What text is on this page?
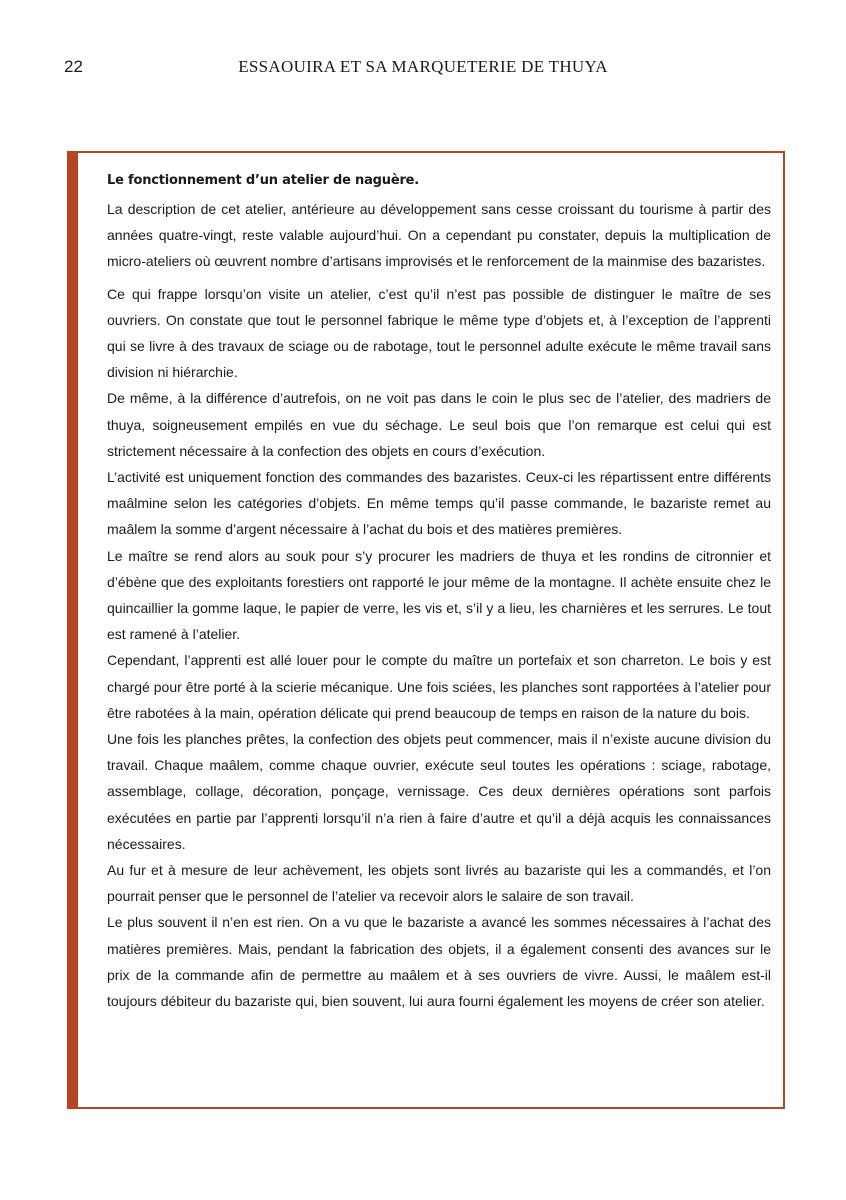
22	ESSAOUIRA ET SA MARQUETERIE DE THUYA

Le fonctionnement d’un atelier de naguère.

La description de cet atelier, antérieure au développement sans cesse croissant du tourisme à partir des années quatre-vingt, reste valable aujourd’hui. On a cependant pu constater, depuis la multiplication de micro-ateliers où œuvrent nombre d’artisans improvisés et le renforcement de la mainmise des bazaristes.

Ce qui frappe lorsqu’on visite un atelier, c’est qu’il n’est pas possible de distinguer le maître de ses ouvriers. On constate que tout le personnel fabrique le même type d’objets et, à l’exception de l’apprenti qui se livre à des travaux de sciage ou de rabotage, tout le personnel adulte exécute le même travail sans division ni hiérarchie.

De même, à la différence d’autrefois, on ne voit pas dans le coin le plus sec de l’atelier, des madriers de thuya, soigneusement empilés en vue du séchage. Le seul bois que l’on remarque est celui qui est strictement nécessaire à la confection des objets en cours d’exécution.

L’activité est uniquement fonction des commandes des bazaristes. Ceux-ci les répartissent entre différents maâlmine selon les catégories d’objets. En même temps qu’il passe commande, le bazariste remet au maâlem la somme d’argent nécessaire à l’achat du bois et des matières premières.

Le maître se rend alors au souk pour s’y procurer les madriers de thuya et les rondins de citronnier et d’ébène que des exploitants forestiers ont rapporté le jour même de la montagne. Il achète ensuite chez le quincaillier la gomme laque, le papier de verre, les vis et, s’il y a lieu, les charnières et les serrures. Le tout est ramené à l’atelier.

Cependant, l’apprenti est allé louer pour le compte du maître un portefaix et son charreton. Le bois y est chargé pour être porté à la scierie mécanique. Une fois sciées, les planches sont rapportées à l’atelier pour être rabotées à la main, opération délicate qui prend beaucoup de temps en raison de la nature du bois.

Une fois les planches prêtes, la confection des objets peut commencer, mais il n’existe aucune division du travail. Chaque maâlem, comme chaque ouvrier, exécute seul toutes les opérations : sciage, rabotage, assemblage, collage, décoration, ponçage, vernissage. Ces deux dernières opérations sont parfois exécutées en partie par l’apprenti lorsqu’il n’a rien à faire d’autre et qu’il a déjà acquis les connaissances nécessaires.

Au fur et à mesure de leur achèvement, les objets sont livrés au bazariste qui les a commandés, et l’on pourrait penser que le personnel de l’atelier va recevoir alors le salaire de son travail.

Le plus souvent il n’en est rien. On a vu que le bazariste a avancé les sommes nécessaires à l’achat des matières premières. Mais, pendant la fabrication des objets, il a également consenti des avances sur le prix de la commande afin de permettre au maâlem et à ses ouvriers de vivre. Aussi, le maâlem est-il toujours débiteur du bazariste qui, bien souvent, lui aura fourni également les moyens de créer son atelier.
